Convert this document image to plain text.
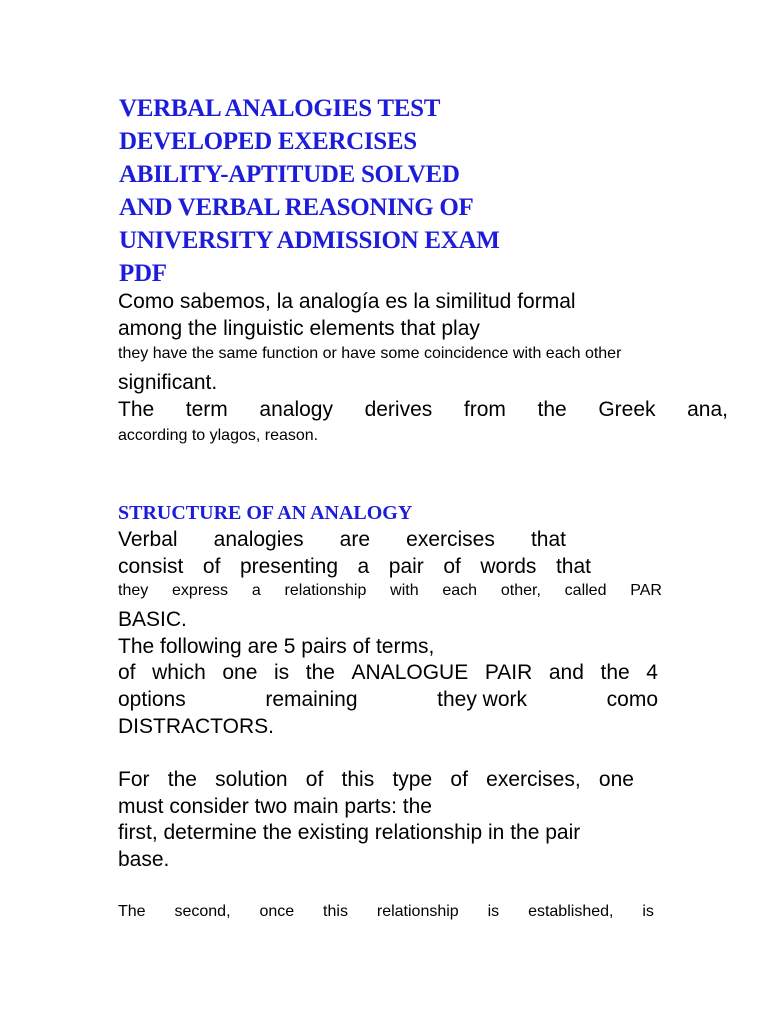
VERBAL ANALOGIES TEST
DEVELOPED EXERCISES
ABILITY-APTITUDE SOLVED
AND VERBAL REASONING OF
UNIVERSITY ADMISSION EXAM
PDF
Como sabemos, la analogía es la similitud formal
among the linguistic elements that play
they have the same function or have some coincidence with each other
significant.
The term analogy derives from the Greek ana,
according to ylagos, reason.
STRUCTURE OF AN ANALOGY
Verbal analogies are exercises that
consist of presenting a pair of words that
they express a relationship with each other, called PAR
BASIC.
The following are 5 pairs of terms,
of which one is the ANALOGUE PAIR and the 4
options	remaining	they work	como
DISTRACTORS.
For the solution of this type of exercises, one
must consider two main parts: the
first, determine the existing relationship in the pair
base.
The second, once this relationship is established, is
